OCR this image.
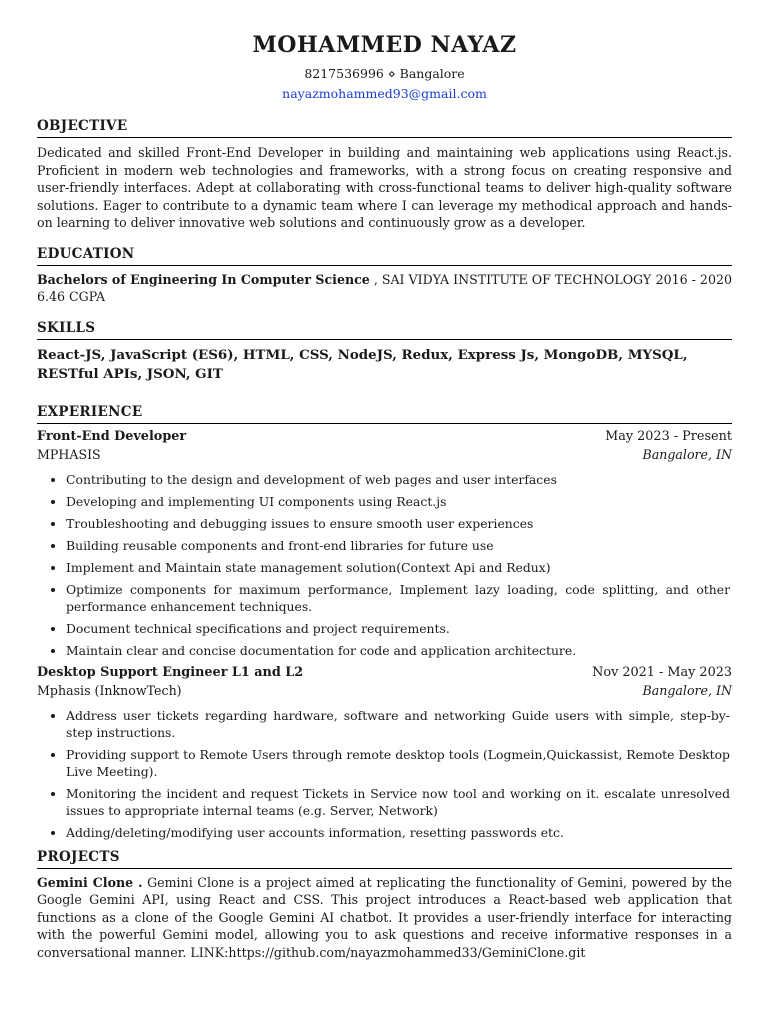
MOHAMMED NAYAZ
8217536996 ⋄ Bangalore
nayazmohammed93@gmail.com
OBJECTIVE
Dedicated and skilled Front-End Developer in building and maintaining web applications using React.js. Proficient in modern web technologies and frameworks, with a strong focus on creating responsive and user-friendly interfaces. Adept at collaborating with cross-functional teams to deliver high-quality software solutions. Eager to contribute to a dynamic team where I can leverage my methodical approach and hands-on learning to deliver innovative web solutions and continuously grow as a developer.
EDUCATION
Bachelors of Engineering In Computer Science , SAI VIDYA INSTITUTE OF TECHNOLOGY 2016 - 2020
6.46 CGPA
SKILLS
React-JS, JavaScript (ES6), HTML, CSS, NodeJS, Redux, Express Js, MongoDB, MYSQL, RESTful APIs, JSON, GIT
EXPERIENCE
Front-End Developer	May 2023 - Present
MPHASIS	Bangalore, IN
• Contributing to the design and development of web pages and user interfaces
• Developing and implementing UI components using React.js
• Troubleshooting and debugging issues to ensure smooth user experiences
• Building reusable components and front-end libraries for future use
• Implement and Maintain state management solution(Context Api and Redux)
• Optimize components for maximum performance, Implement lazy loading, code splitting, and other performance enhancement techniques.
• Document technical specifications and project requirements.
• Maintain clear and concise documentation for code and application architecture.
Desktop Support Engineer L1 and L2	Nov 2021 - May 2023
Mphasis (InknowTech)	Bangalore, IN
• Address user tickets regarding hardware, software and networking Guide users with simple, step-by-step instructions.
• Providing support to Remote Users through remote desktop tools (Logmein,Quickassist, Remote Desktop Live Meeting).
• Monitoring the incident and request Tickets in Service now tool and working on it. escalate unresolved issues to appropriate internal teams (e.g. Server, Network)
• Adding/deleting/modifying user accounts information, resetting passwords etc.
PROJECTS
Gemini Clone . Gemini Clone is a project aimed at replicating the functionality of Gemini, powered by the Google Gemini API, using React and CSS. This project introduces a React-based web application that functions as a clone of the Google Gemini AI chatbot. It provides a user-friendly interface for interacting with the powerful Gemini model, allowing you to ask questions and receive informative responses in a conversational manner. LINK:https://github.com/nayazmohammed33/GeminiClone.git
